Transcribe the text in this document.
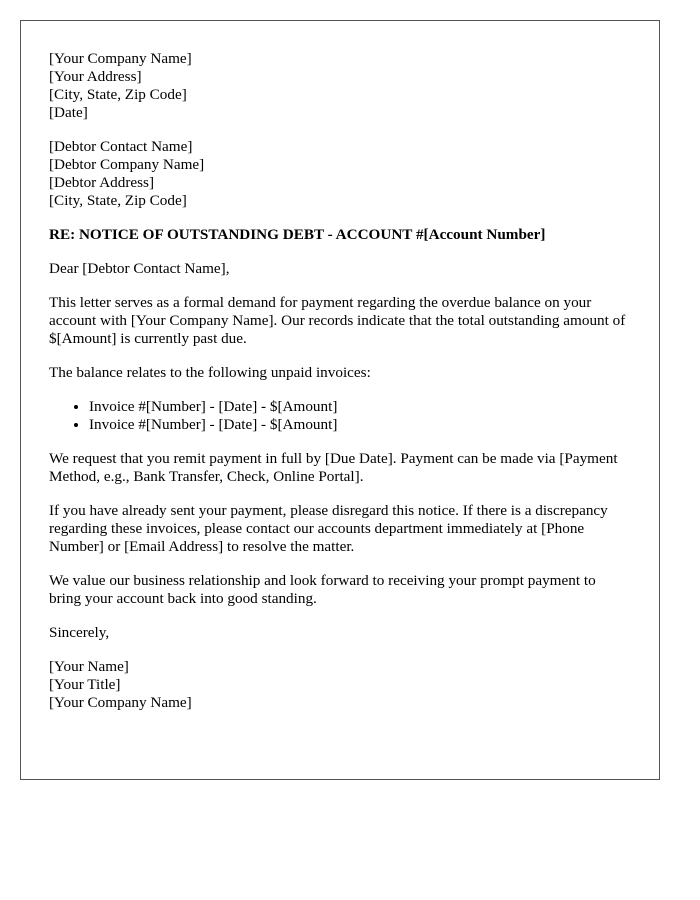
[Your Company Name]
[Your Address]
[City, State, Zip Code]
[Date]
[Debtor Contact Name]
[Debtor Company Name]
[Debtor Address]
[City, State, Zip Code]
RE: NOTICE OF OUTSTANDING DEBT - ACCOUNT #[Account Number]

Dear [Debtor Contact Name],

This letter serves as a formal demand for payment regarding the overdue balance on your account with [Your Company Name]. Our records indicate that the total outstanding amount of $[Amount] is currently past due.

The balance relates to the following unpaid invoices:

• Invoice #[Number] - [Date] - $[Amount]
• Invoice #[Number] - [Date] - $[Amount]

We request that you remit payment in full by [Due Date]. Payment can be made via [Payment Method, e.g., Bank Transfer, Check, Online Portal].

If you have already sent your payment, please disregard this notice. If there is a discrepancy regarding these invoices, please contact our accounts department immediately at [Phone Number] or [Email Address] to resolve the matter.

We value our business relationship and look forward to receiving your prompt payment to bring your account back into good standing.

Sincerely,

[Your Name]
[Your Title]
[Your Company Name]
